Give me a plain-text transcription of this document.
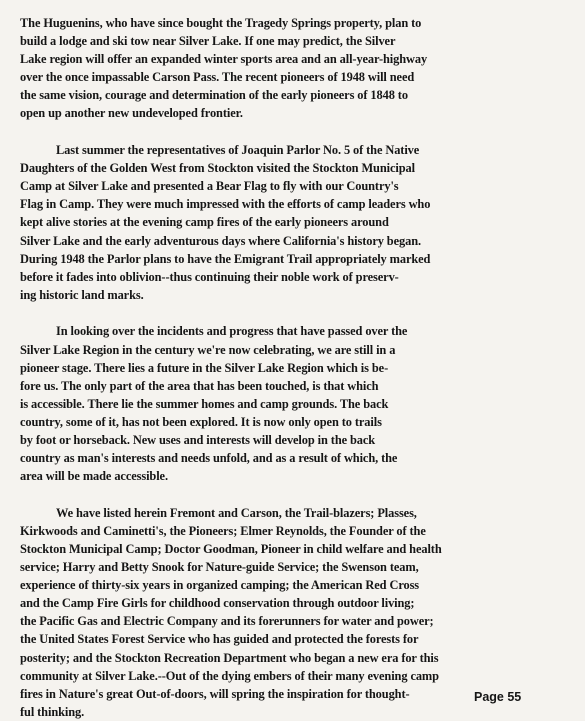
The Huguenins, who have since bought the Tragedy Springs property, plan to
build a lodge and ski tow near Silver Lake. If one may predict, the Silver
Lake region will offer an expanded winter sports area and an all-year-highway
over the once impassable Carson Pass. The recent pioneers of 1948 will need
the same vision, courage and determination of the early pioneers of 1848 to
open up another new undeveloped frontier.

Last summer the representatives of Joaquin Parlor No. 5 of the Native
Daughters of the Golden West from Stockton visited the Stockton Municipal
Camp at Silver Lake and presented a Bear Flag to fly with our Country's
Flag in Camp. They were much impressed with the efforts of camp leaders who
kept alive stories at the evening camp fires of the early pioneers around
Silver Lake and the early adventurous days where California's history began.
During 1948 the Parlor plans to have the Emigrant Trail appropriately marked
before it fades into oblivion--thus continuing their noble work of preserv-
ing historic land marks.

In looking over the incidents and progress that have passed over the
Silver Lake Region in the century we're now celebrating, we are still in a
pioneer stage. There lies a future in the Silver Lake Region which is be-
fore us. The only part of the area that has been touched, is that which
is accessible. There lie the summer homes and camp grounds. The back
country, some of it, has not been explored. It is now only open to trails
by foot or horseback. New uses and interests will develop in the back
country as man's interests and needs unfold, and as a result of which, the
area will be made accessible.

We have listed herein Fremont and Carson, the Trail-blazers; Plasses,
Kirkwoods and Caminetti's, the Pioneers; Elmer Reynolds, the Founder of the
Stockton Municipal Camp; Doctor Goodman, Pioneer in child welfare and health
service; Harry and Betty Snook for Nature-guide Service; the Swenson team,
experience of thirty-six years in organized camping; the American Red Cross
and the Camp Fire Girls for childhood conservation through outdoor living;
the Pacific Gas and Electric Company and its forerunners for water and power;
the United States Forest Service who has guided and protected the forests for
posterity; and the Stockton Recreation Department who began a new era for this
community at Silver Lake.--Out of the dying embers of their many evening camp
fires in Nature's great Out-of-doors, will spring the inspiration for thought-
ful thinking.

Page 55
